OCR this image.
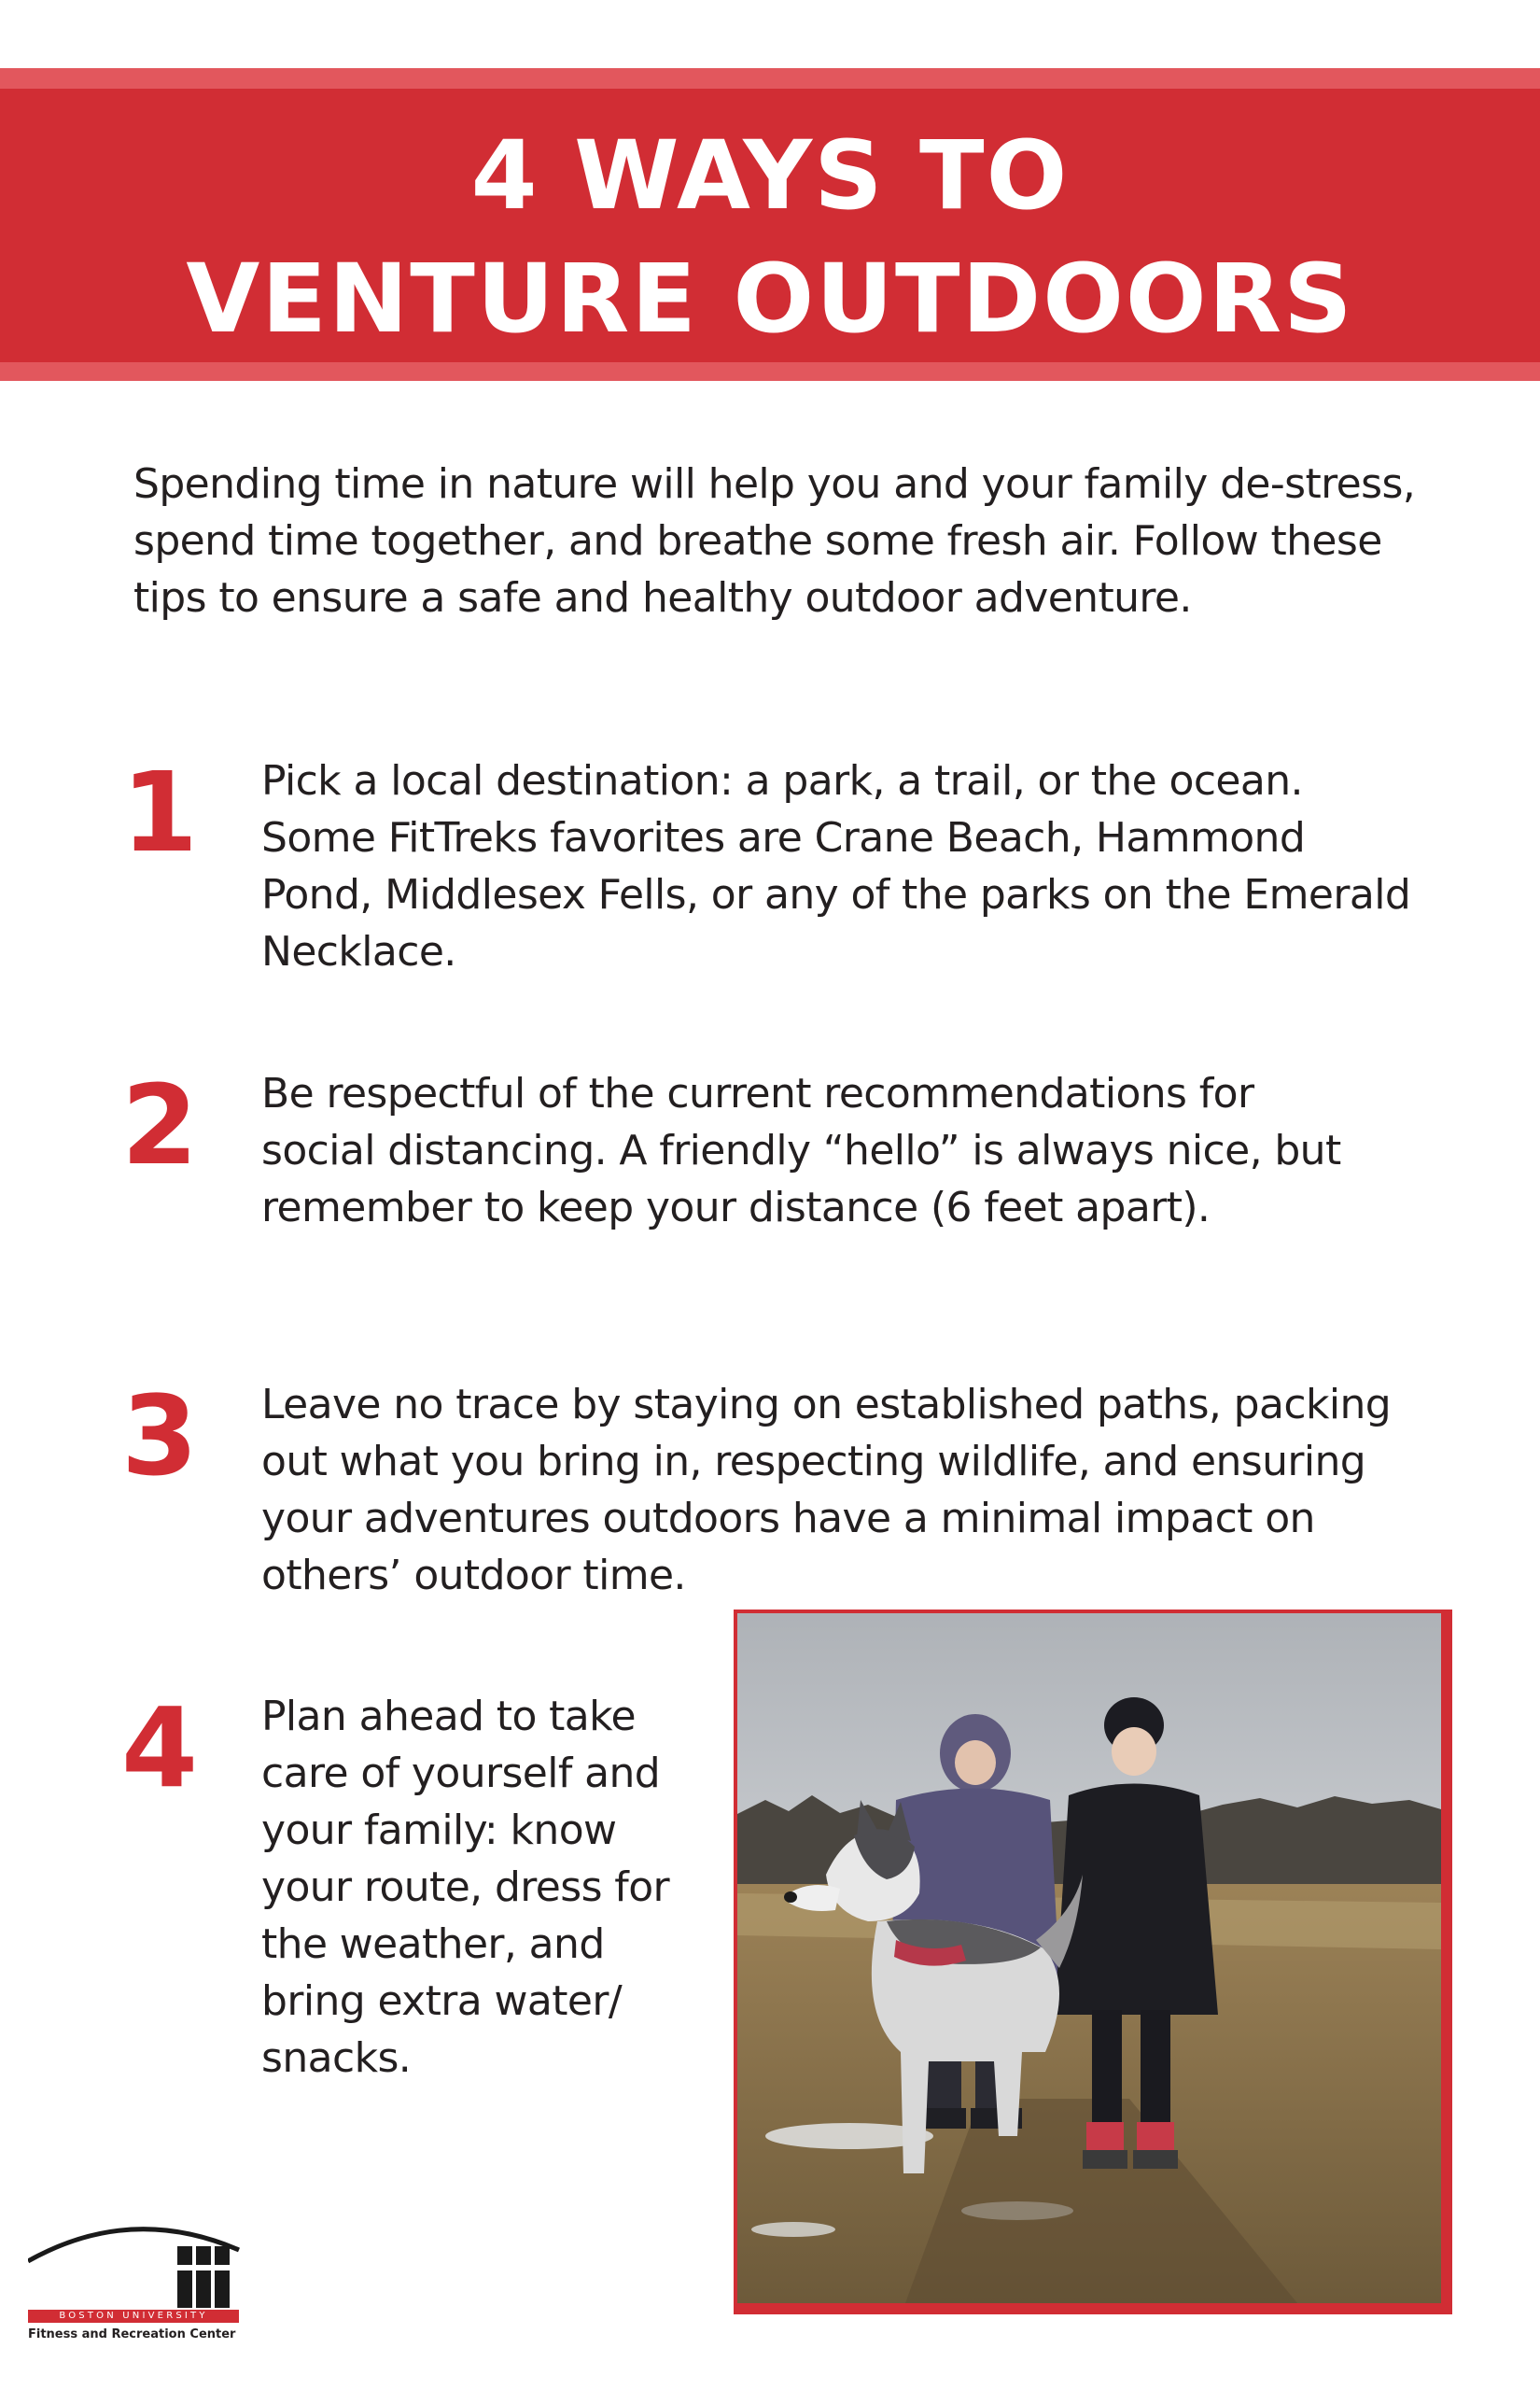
4 WAYS TO
VENTURE OUTDOORS
Spending time in nature will help you and your family de-stress,
spend time together, and breathe some fresh air. Follow these
tips to ensure a safe and healthy outdoor adventure.
1	Pick a local destination: a park, a trail, or the ocean.
Some FitTreks favorites are Crane Beach, Hammond
Pond, Middlesex Fells, or any of the parks on the Emerald
Necklace.
2	Be respectful of the current recommendations for
social distancing. A friendly “hello” is always nice, but
remember to keep your distance (6 feet apart).
3	Leave no trace by staying on established paths, packing
out what you bring in, respecting wildlife, and ensuring
your adventures outdoors have a minimal impact on
others’ outdoor time.
4	Plan ahead to take
care of yourself and
your family: know
your route, dress for
the weather, and
bring extra water/
snacks.
BOSTON UNIVERSITY
Fitness and Recreation Center
